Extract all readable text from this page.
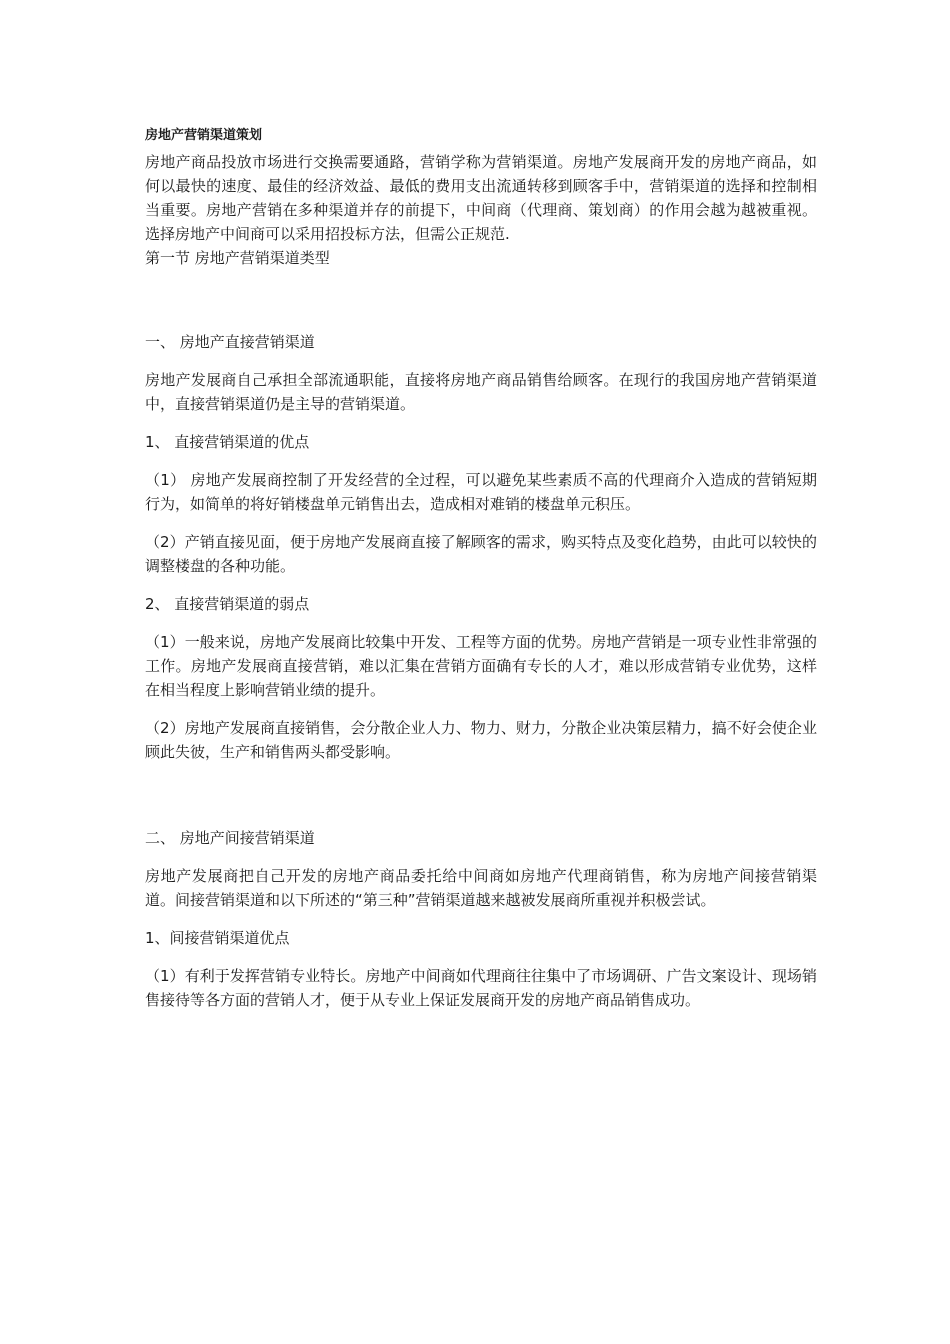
房地产营销渠道策划

房地产商品投放市场进行交换需要通路，营销学称为营销渠道。房地产发展商开发的房地产商品，如何以最快的速度、最佳的经济效益、最低的费用支出流通转移到顾客手中，营销渠道的选择和控制相当重要。房地产营销在多种渠道并存的前提下，中间商（代理商、策划商）的作用会越为越被重视。选择房地产中间商可以采用招投标方法，但需公正规范.

第一节 房地产营销渠道类型

一、 房地产直接营销渠道

房地产发展商自己承担全部流通职能，直接将房地产商品销售给顾客。在现行的我国房地产营销渠道中，直接营销渠道仍是主导的营销渠道。

1、 直接营销渠道的优点

（1） 房地产发展商控制了开发经营的全过程，可以避免某些素质不高的代理商介入造成的营销短期行为，如简单的将好销楼盘单元销售出去，造成相对难销的楼盘单元积压。

（2）产销直接见面，便于房地产发展商直接了解顾客的需求，购买特点及变化趋势，由此可以较快的调整楼盘的各种功能。

2、 直接营销渠道的弱点

（1）一般来说，房地产发展商比较集中开发、工程等方面的优势。房地产营销是一项专业性非常强的工作。房地产发展商直接营销，难以汇集在营销方面确有专长的人才，难以形成营销专业优势，这样在相当程度上影响营销业绩的提升。

（2）房地产发展商直接销售，会分散企业人力、物力、财力，分散企业决策层精力，搞不好会使企业顾此失彼，生产和销售两头都受影响。

二、 房地产间接营销渠道

房地产发展商把自己开发的房地产商品委托给中间商如房地产代理商销售，称为房地产间接营销渠道。间接营销渠道和以下所述的“第三种”营销渠道越来越被发展商所重视并积极尝试。

1、间接营销渠道优点

（1）有利于发挥营销专业特长。房地产中间商如代理商往往集中了市场调研、广告文案设计、现场销售接待等各方面的营销人才，便于从专业上保证发展商开发的房地产商品销售成功。
